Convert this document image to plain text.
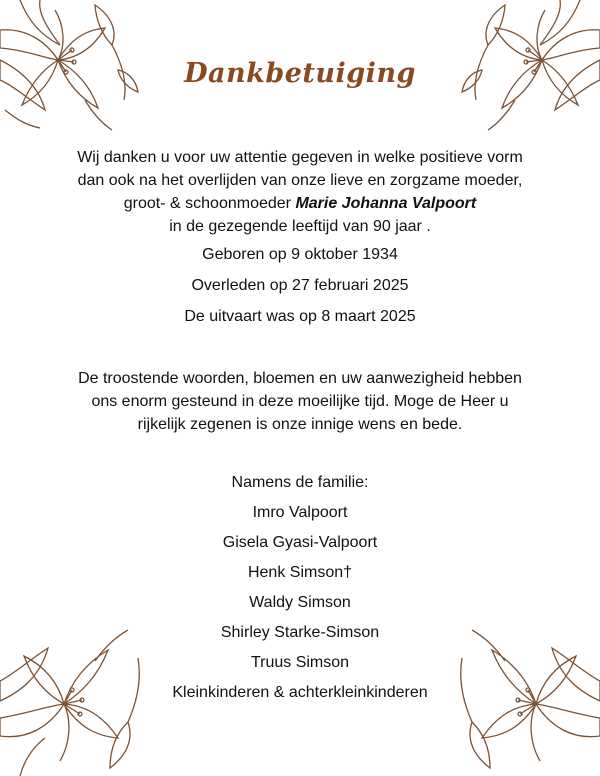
Dankbetuiging

Wij danken u voor uw attentie gegeven in welke positieve vorm

dan ook na het overlijden van onze lieve en zorgzame moeder,

groot- & schoonmoeder Marie Johanna Valpoort

in de gezegende leeftijd van 90 jaar .

Geboren op 9 oktober 1934
Overleden op 27 februari 2025
De uitvaart was op 8 maart 2025

De troostende woorden, bloemen en uw aanwezigheid hebben

ons enorm gesteund in deze moeilijke tijd. Moge de Heer u

rijkelijk zegenen is onze innige wens en bede.

Namens de familie:
Imro Valpoort
Gisela Gyasi-Valpoort
Henk Simson†
Waldy Simson
Shirley Starke-Simson
Truus Simson
Kleinkinderen & achterkleinkinderen
